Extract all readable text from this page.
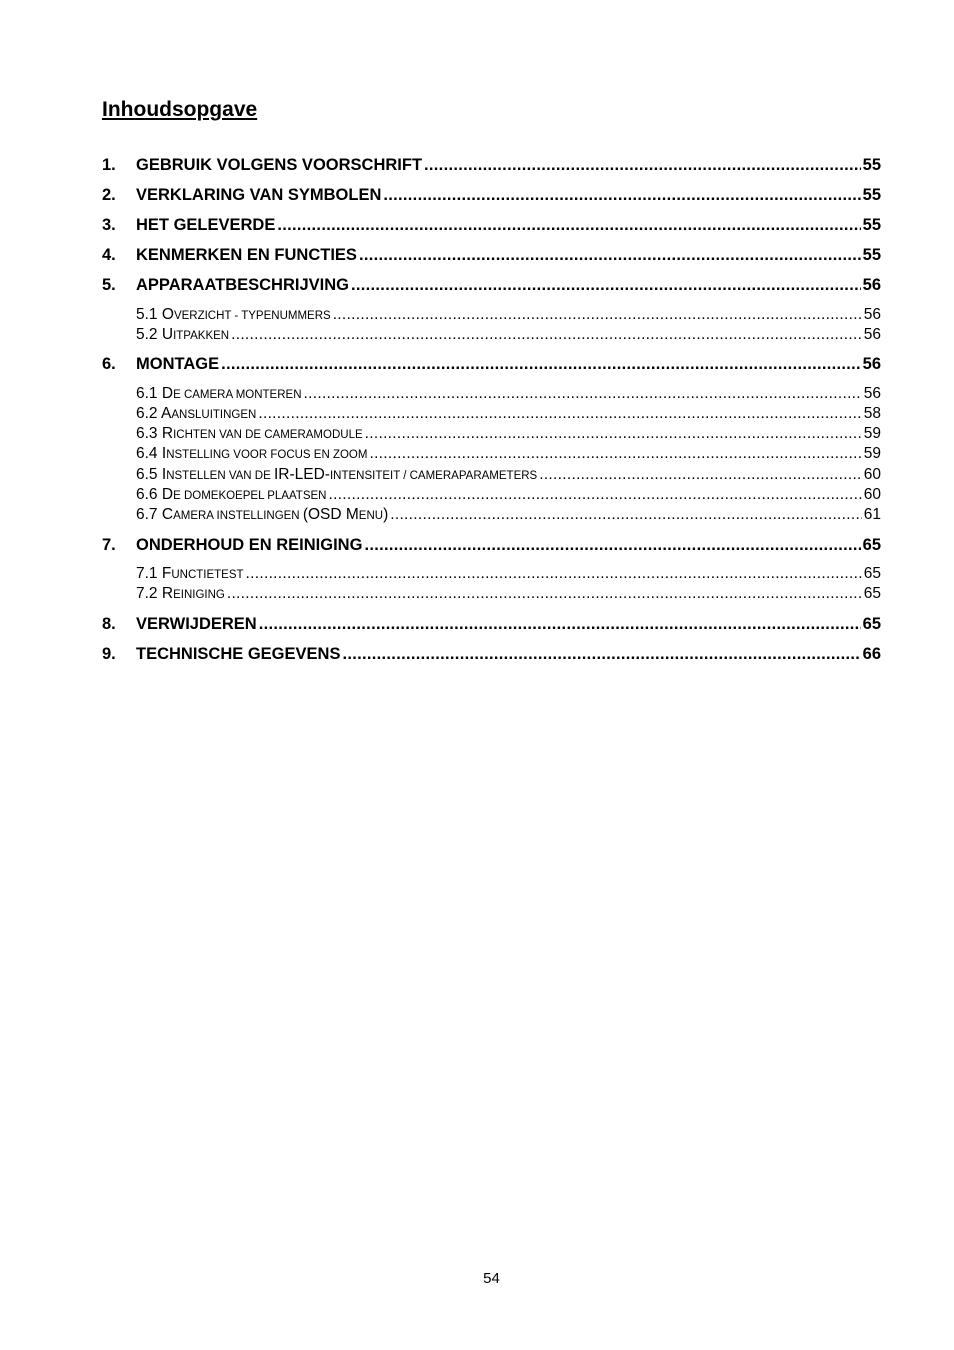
Inhoudsopgave
1.	GEBRUIK VOLGENS VOORSCHRIFT .....	55
2.	VERKLARING VAN SYMBOLEN .....	55
3.	HET GELEVERDE .....	55
4.	KENMERKEN EN FUNCTIES .....	55
5.	APPARAATBESCHRIJVING .....	56
5.1 OVERZICHT - TYPENUMMERS .....	56
5.2 UITPAKKEN .....	56
6.	MONTAGE .....	56
6.1 DE CAMERA MONTEREN .....	56
6.2 AANSLUITINGEN .....	58
6.3 RICHTEN VAN DE CAMERAMODULE .....	59
6.4 INSTELLING VOOR FOCUS EN ZOOM .....	59
6.5 INSTELLEN VAN DE IR-LED-INTENSITEIT / CAMERAPARAMETERS .....	60
6.6 DE DOMEKOEPEL PLAATSEN .....	60
6.7 CAMERA INSTELLINGEN (OSD MENU) .....	61
7.	ONDERHOUD EN REINIGING .....	65
7.1 FUNCTIETEST .....	65
7.2 REINIGING .....	65
8.	VERWIJDEREN .....	65
9.	TECHNISCHE GEGEVENS .....	66
54
